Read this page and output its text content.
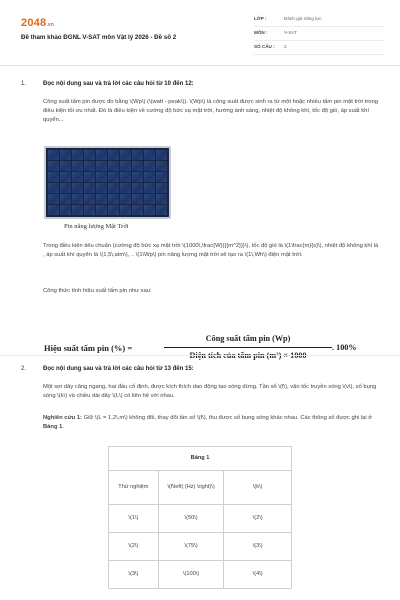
2048.vn
Đề tham khảo ĐGNL V-SAT môn Vật lý 2026 - Đề số 2
LỚP :	Đánh giá năng lực
MÔN :	V-SAT
SỐ CÂU :	2
1.	Đọc nội dung sau và trả lời các câu hỏi từ 10 đến 12:
Công suất tấm pin được đo bằng \(Wp\) (\(watt - peak\)). \(Wp\) là công suất được sinh ra từ một hoặc nhiều tấm pin mặt trời trong điều kiện tối ưu nhất. Đó là điều kiện về cường độ bức xạ mặt trời, hướng ánh sáng, nhiệt độ không khí, tốc độ gió, áp suất khí quyển...
Pin năng lượng Mặt Trời
Trong điều kiện tiêu chuẩn (cường độ bức xạ mặt trời \(1000\,\frac{W}{{{m^2}}}\), tốc độ gió là \(1\frac{m}{s}\), nhiệt độ không khí là , áp suất khí quyển là \(1,5\,atm\), .. \(1\Wp\) pin năng lượng mặt trời sẽ tạo ra \(1\,Wh\) điện mặt trời.
Công thức tính hiệu suất tấm pin như sau:
Hiệu suất tấm pin (%) =
Công suất tấm pin (Wp)
Diện tích của tấm pin (m²) × 1000
. 100%
2.	Đọc nội dung sau và trả lời các câu hỏi từ 13 đến 15:
Một sợi dây căng ngang, hai đầu cố định, được kích thích dao động tạo sóng dừng. Tần số \(f\), vận tốc truyền sóng \(v\), số bụng sóng \(k\) và chiều dài dây \(L\) có liên hệ với nhau.
Nghiên cứu 1: Giữ \(L = 1,2\,m\) không đổi, thay đổi tần số \(f\), thu được số bụng sóng khác nhau. Các thông số được ghi lại ở Bảng 1.
Bảng 1		
Thứ nghiệm	\(f\left( (Hz) \right)\)	\(k\)
\(1\)	\(50\)	\(2\)
\(2\)	\(75\)	\(3\)
\(3\)	\(100\)	\(4\)
